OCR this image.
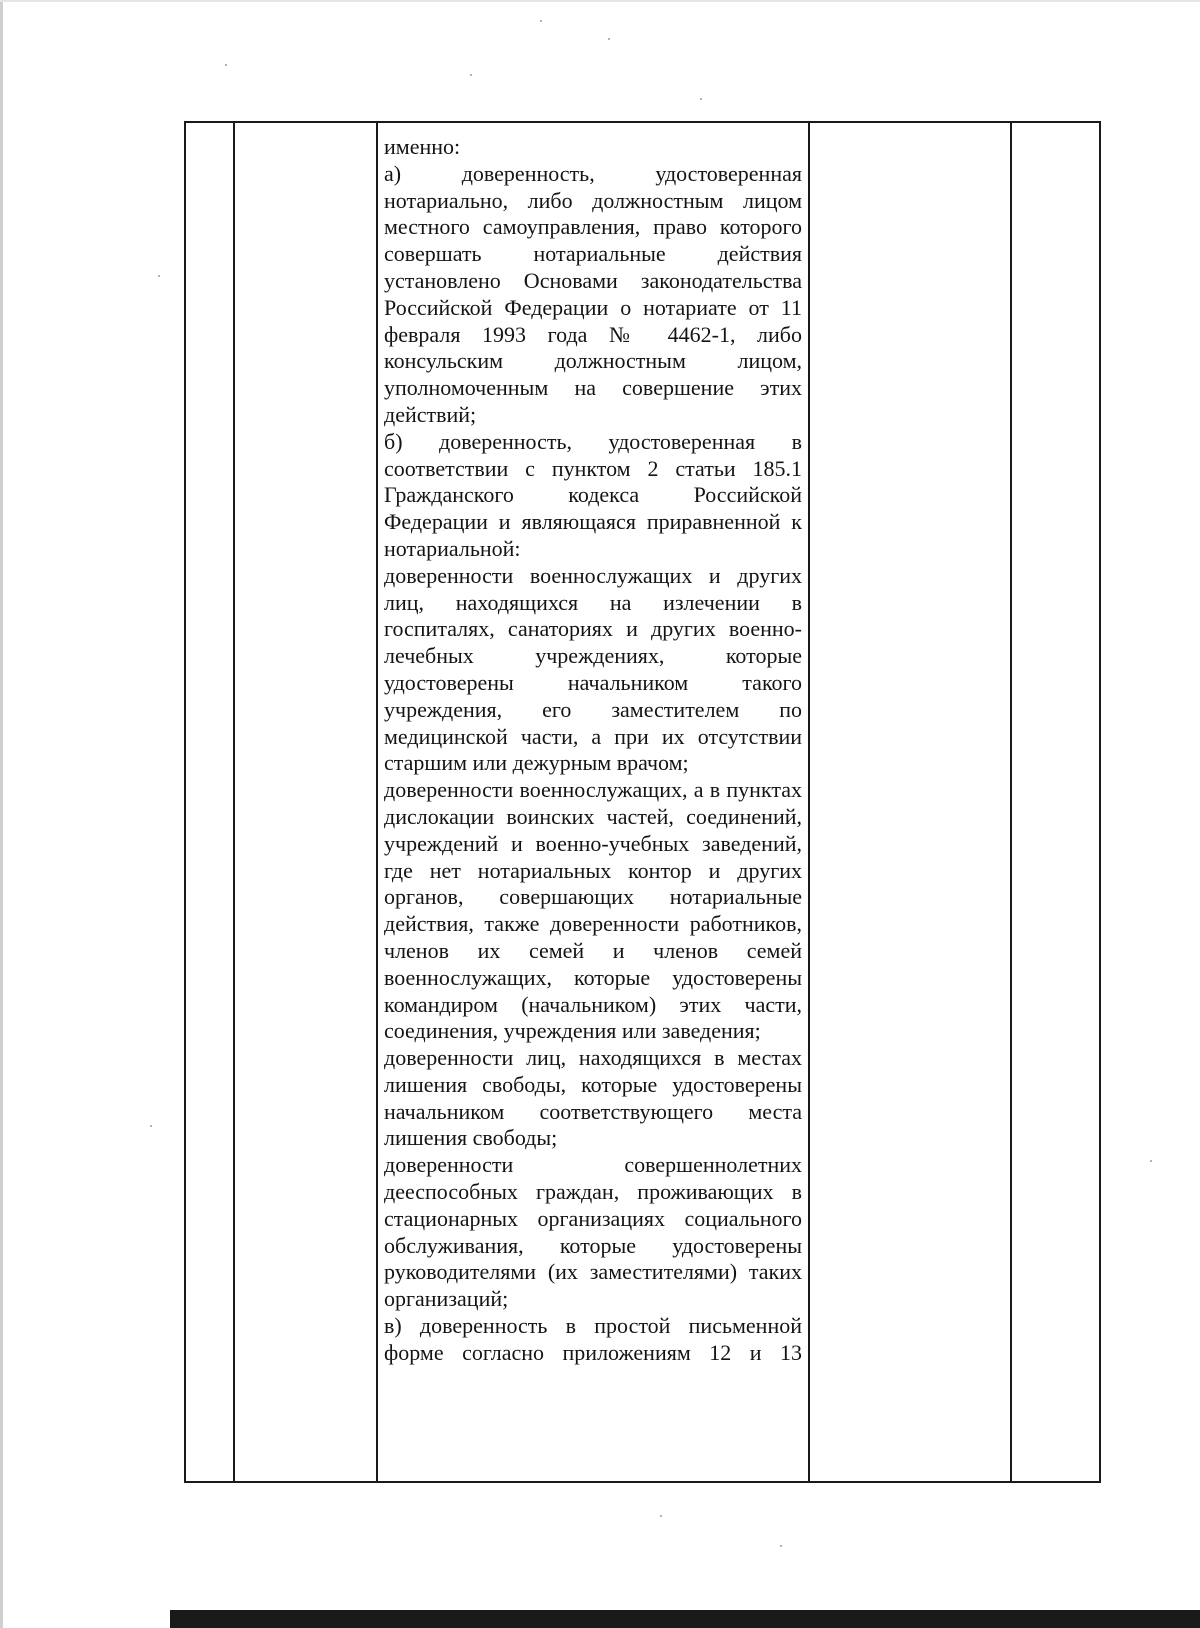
именно:

а)    доверенность,    удостоверенная нотариально, либо должностным лицом местного самоуправления, право которого совершать нотариальные действия установлено Основами законодательства Российской Федерации о нотариате от 11 февраля 1993 года № 4462-1, либо консульским должностным лицом, уполномоченным на совершение этих действий;

б) доверенность, удостоверенная в соответствии с пунктом 2 статьи 185.1 Гражданского кодекса Российской Федерации и являющаяся приравненной к нотариальной:

доверенности военнослужащих и других лиц, находящихся на излечении в госпиталях, санаториях и других военно-лечебных учреждениях, которые удостоверены начальником такого учреждения, его заместителем по медицинской части, а при их отсутствии старшим или дежурным врачом;

доверенности военнослужащих, а в пунктах дислокации воинских частей, соединений, учреждений и военно-учебных заведений, где нет нотариальных контор и других органов, совершающих нотариальные действия, также доверенности работников, членов их семей и членов семей военнослужащих, которые удостоверены командиром (начальником) этих части, соединения, учреждения или заведения;

доверенности лиц, находящихся в местах лишения свободы, которые удостоверены начальником соответствующего места лишения свободы;

доверенности совершеннолетних дееспособных граждан, проживающих в стационарных организациях социального обслуживания, которые удостоверены руководителями (их заместителями) таких организаций;

в) доверенность в простой письменной форме согласно приложениям 12 и 13
